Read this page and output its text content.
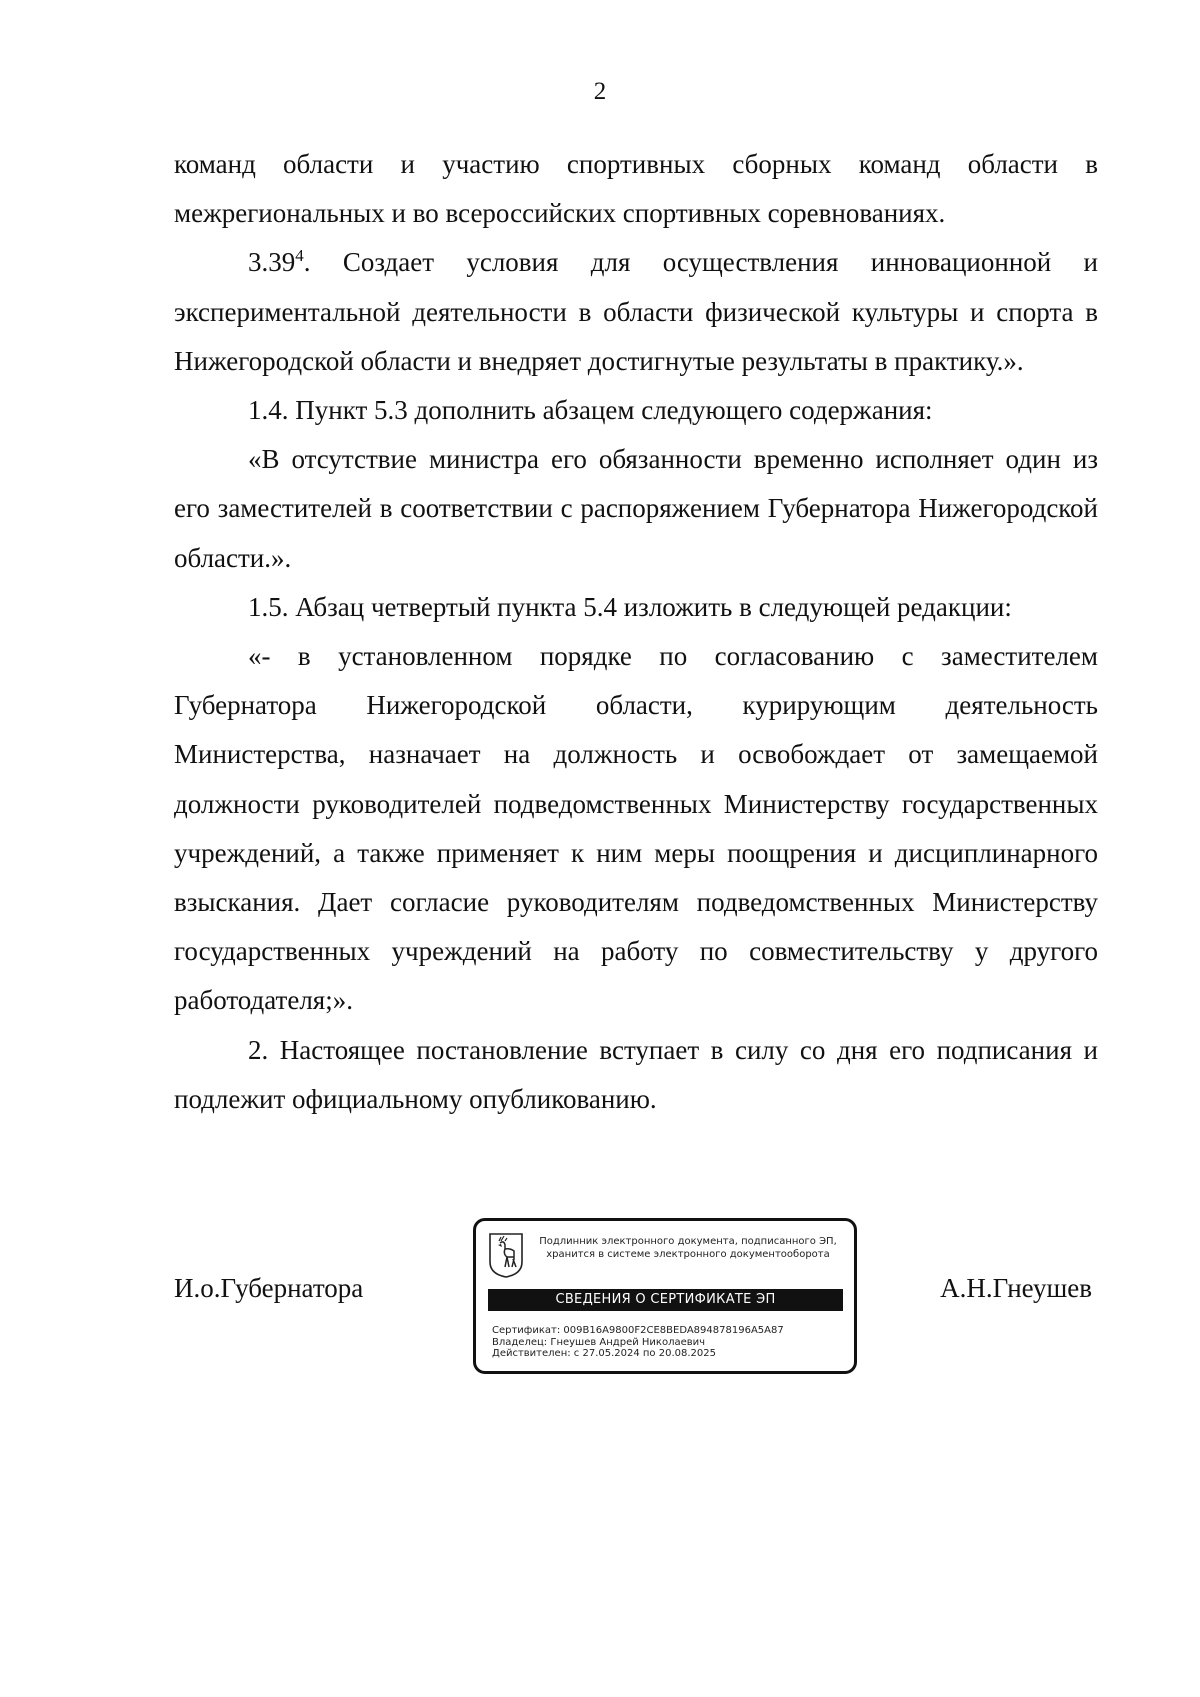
2

команд области и участию спортивных сборных команд области в межрегиональных и во всероссийских спортивных соревнованиях.

3.39$^4$. Создает условия для осуществления инновационной и экспериментальной деятельности в области физической культуры и спорта в Нижегородской области и внедряет достигнутые результаты в практику.».

1.4. Пункт 5.3 дополнить абзацем следующего содержания:

«В отсутствие министра его обязанности временно исполняет один из его заместителей в соответствии с распоряжением Губернатора Нижегородской области.».

1.5. Абзац четвертый пункта 5.4 изложить в следующей редакции:

«- в установленном порядке по согласованию с заместителем Губернатора Нижегородской области, курирующим деятельность Министерства, назначает на должность и освобождает от замещаемой должности руководителей подведомственных Министерству государственных учреждений, а также применяет к ним меры поощрения и дисциплинарного взыскания. Дает согласие руководителям подведомственных Министерству государственных учреждений на работу по совместительству у другого работодателя;».

2. Настоящее постановление вступает в силу со дня его подписания и подлежит официальному опубликованию.

И.о.Губернатора
Подлинник электронного документа, подписанного ЭП,
хранится в системе электронного документооборота
СВЕДЕНИЯ О СЕРТИФИКАТЕ ЭП
Сертификат: 009B16A9800F2CE8BEDA894878196A5A87
Владелец: Гнеушев Андрей Николаевич
Действителен: с 27.05.2024 по 20.08.2025
А.Н.Гнеушев
